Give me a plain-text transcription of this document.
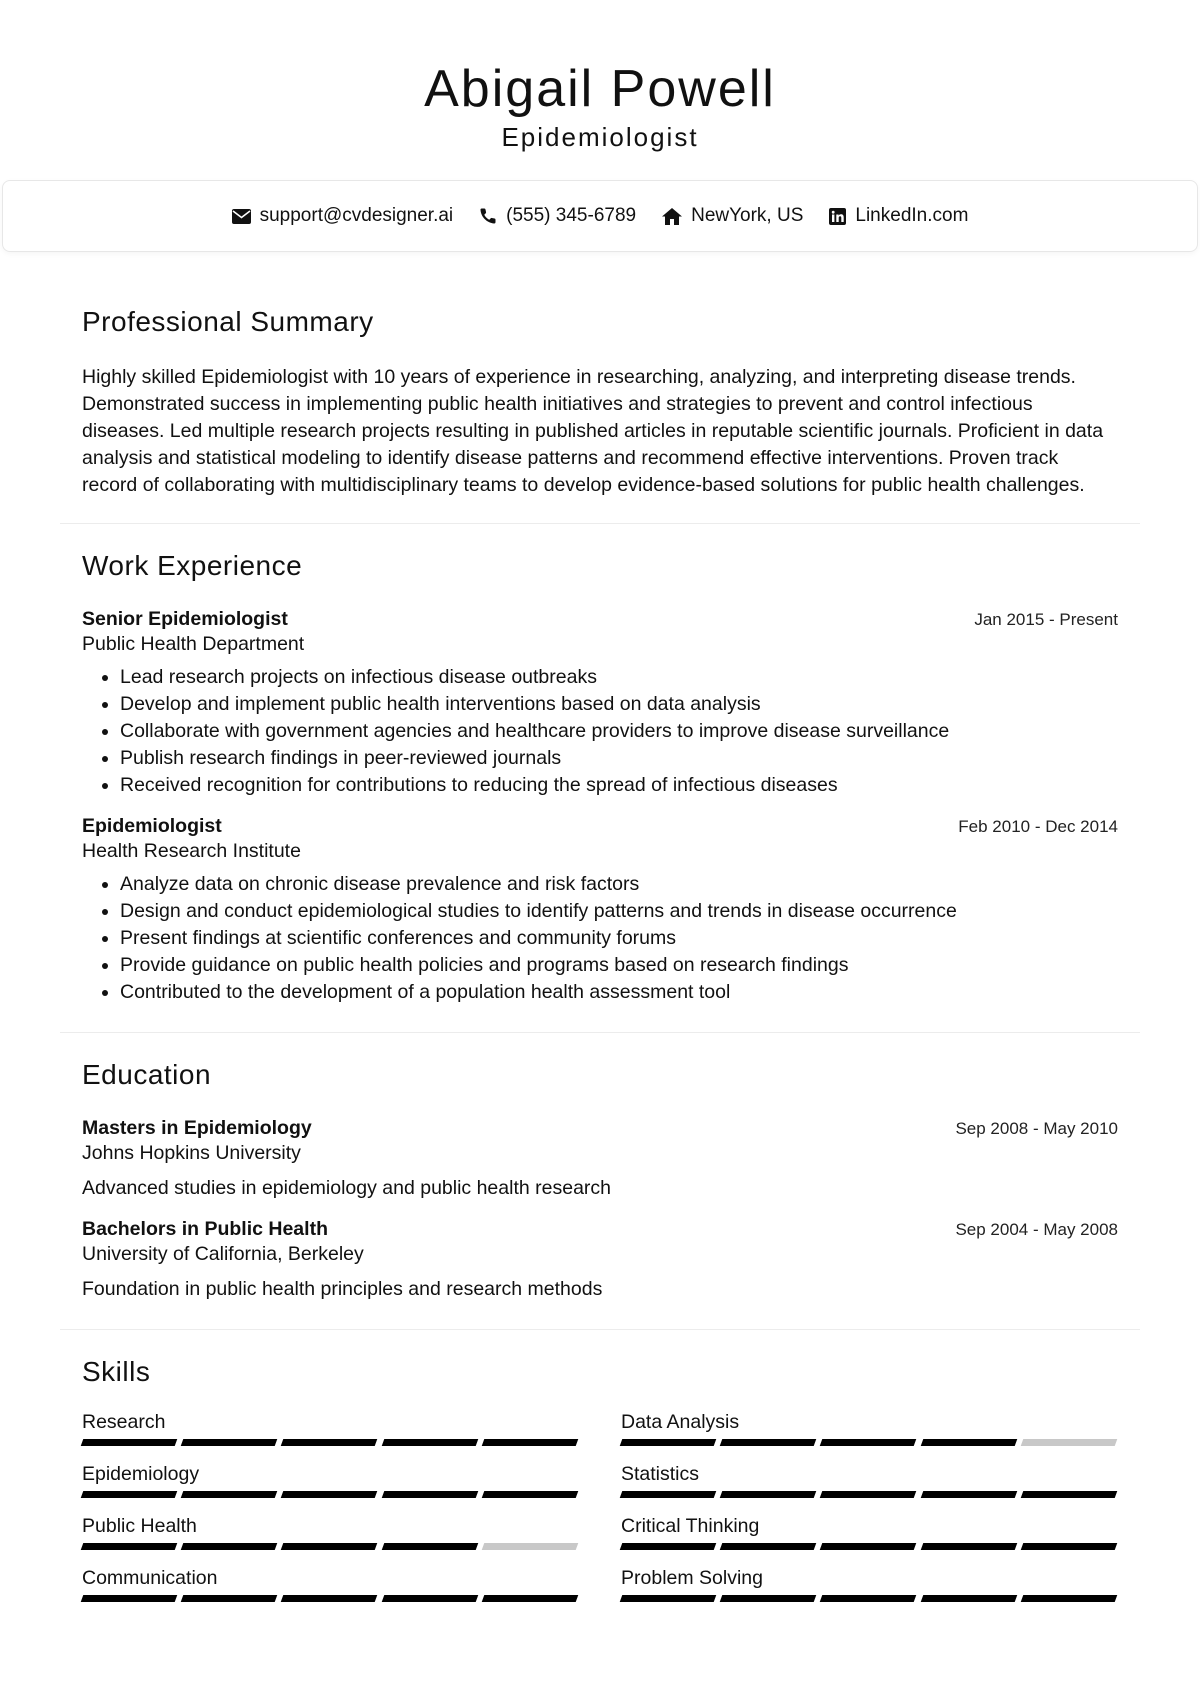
Abigail Powell
Epidemiologist
support@cvdesigner.ai	(555) 345-6789	NewYork, US	LinkedIn.com
Professional Summary

Highly skilled Epidemiologist with 10 years of experience in researching, analyzing, and interpreting disease trends. Demonstrated success in implementing public health initiatives and strategies to prevent and control infectious diseases. Led multiple research projects resulting in published articles in reputable scientific journals. Proficient in data analysis and statistical modeling to identify disease patterns and recommend effective interventions. Proven track record of collaborating with multidisciplinary teams to develop evidence-based solutions for public health challenges.

Work Experience
Senior Epidemiologist	Jan 2015 - Present
Public Health Department
• Lead research projects on infectious disease outbreaks
• Develop and implement public health interventions based on data analysis
• Collaborate with government agencies and healthcare providers to improve disease surveillance
• Publish research findings in peer-reviewed journals
• Received recognition for contributions to reducing the spread of infectious diseases
Epidemiologist	Feb 2010 - Dec 2014
Health Research Institute
• Analyze data on chronic disease prevalence and risk factors
• Design and conduct epidemiological studies to identify patterns and trends in disease occurrence
• Present findings at scientific conferences and community forums
• Provide guidance on public health policies and programs based on research findings
• Contributed to the development of a population health assessment tool
Education
Masters in Epidemiology	Sep 2008 - May 2010
Johns Hopkins University
Advanced studies in epidemiology and public health research
Bachelors in Public Health	Sep 2004 - May 2008
University of California, Berkeley
Foundation in public health principles and research methods
Skills
Research	Data Analysis
Epidemiology	Statistics
Public Health	Critical Thinking
Communication	Problem Solving
